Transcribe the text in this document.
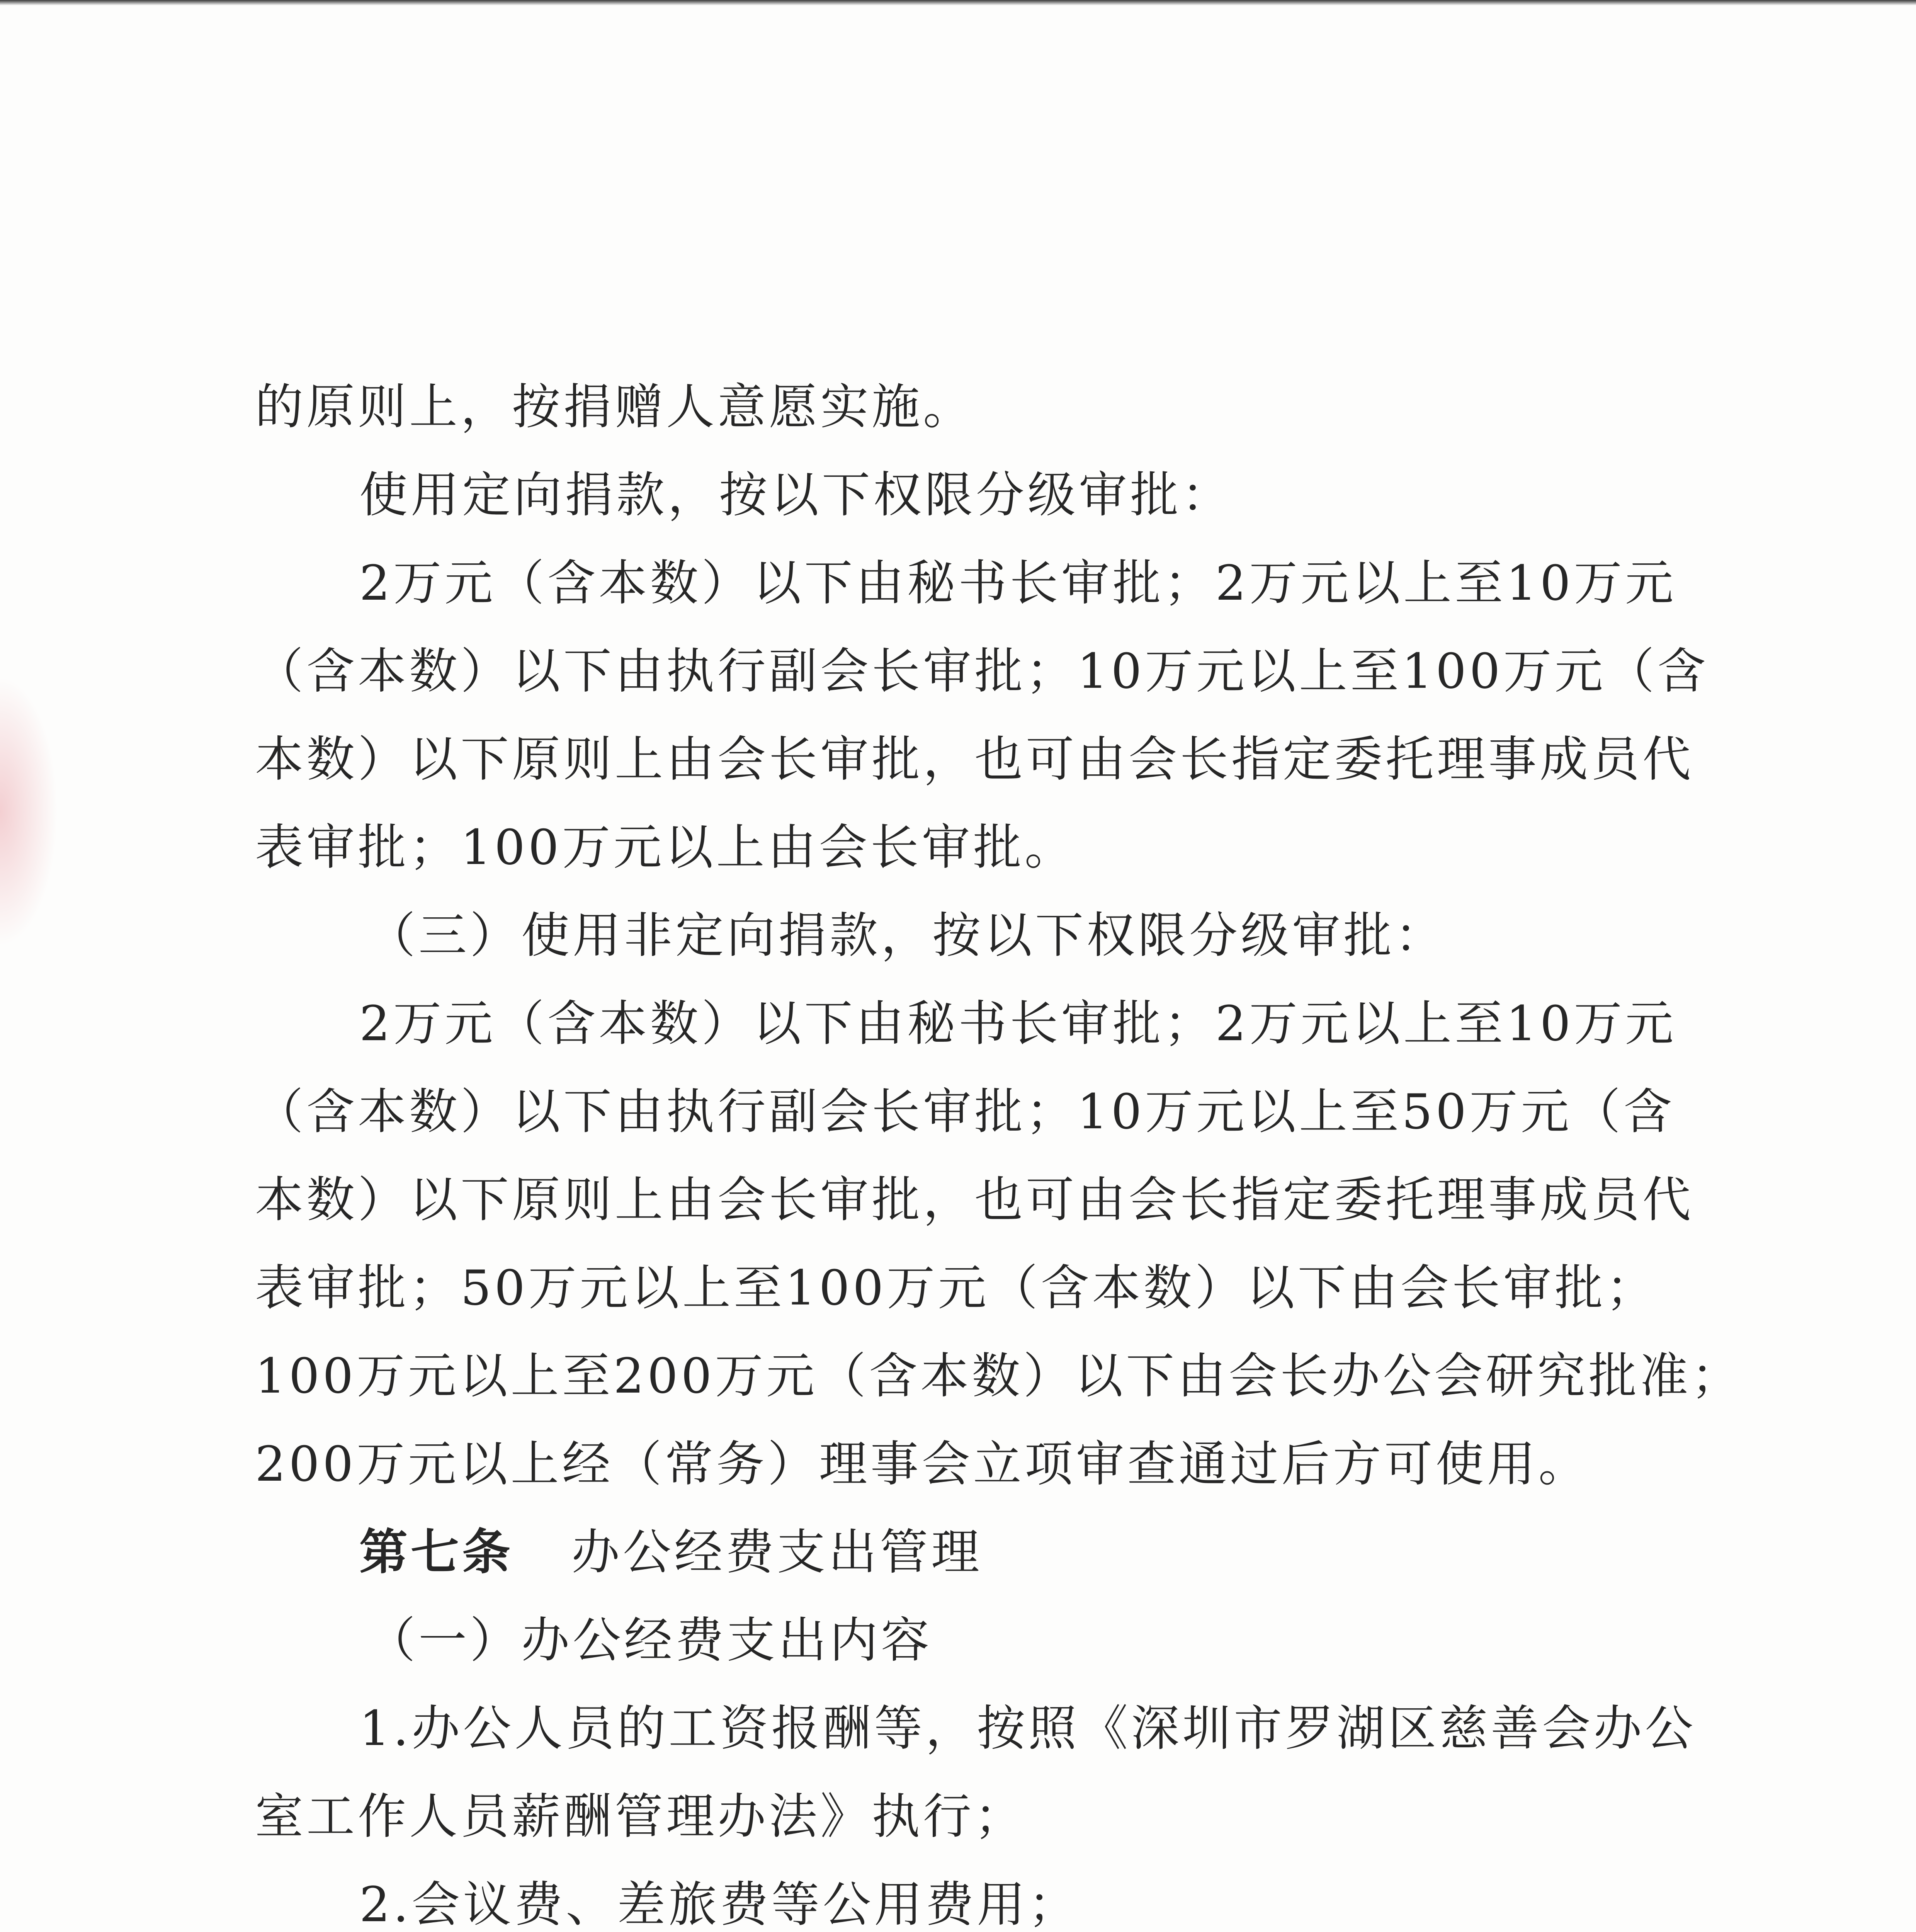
的原则上，按捐赠人意愿实施。
使用定向捐款，按以下权限分级审批：
2万元（含本数）以下由秘书长审批；2万元以上至10万元
（含本数）以下由执行副会长审批；10万元以上至100万元（含
本数）以下原则上由会长审批，也可由会长指定委托理事成员代
表审批；100万元以上由会长审批。
（三）使用非定向捐款，按以下权限分级审批：
2万元（含本数）以下由秘书长审批；2万元以上至10万元
（含本数）以下由执行副会长审批；10万元以上至50万元（含
本数）以下原则上由会长审批，也可由会长指定委托理事成员代
表审批；50万元以上至100万元（含本数）以下由会长审批；
100万元以上至200万元（含本数）以下由会长办公会研究批准；
200万元以上经（常务）理事会立项审查通过后方可使用。
第七条 办公经费支出管理
（一）办公经费支出内容
1.办公人员的工资报酬等，按照《深圳市罗湖区慈善会办公
室工作人员薪酬管理办法》执行；
2.会议费、差旅费等公用费用；
